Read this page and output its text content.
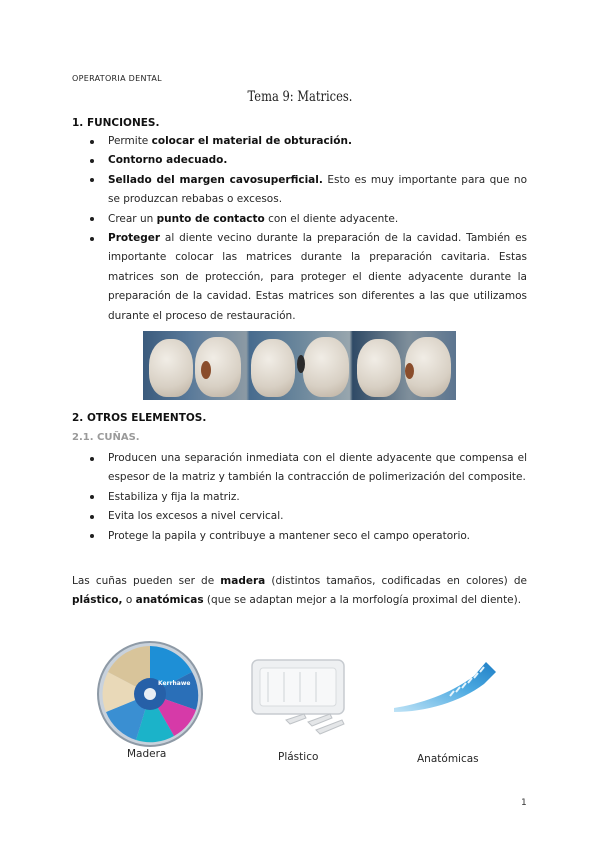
OPERATORIA DENTAL
Tema 9: Matrices.
1. FUNCIONES.
Permite colocar el material de obturación.
Contorno adecuado.
Sellado del margen cavosuperficial. Esto es muy importante para que no se produzcan rebabas o excesos.
Crear un punto de contacto con el diente adyacente.
Proteger al diente vecino durante la preparación de la cavidad. También es importante colocar las matrices durante la preparación cavitaria. Estas matrices son de protección, para proteger el diente adyacente durante la preparación de la cavidad. Estas matrices son diferentes a las que utilizamos durante el proceso de restauración.
2. OTROS ELEMENTOS.
2.1. CUÑAS.
Producen una separación inmediata con el diente adyacente que compensa el espesor de la matriz y también la contracción de polimerización del composite.
Estabiliza y fija la matriz.
Evita los excesos a nivel cervical.
Protege la papila y contribuye a mantener seco el campo operatorio.
Las cuñas pueden ser de madera (distintos tamaños, codificadas en colores) de plástico, o anatómicas (que se adaptan mejor a la morfología proximal del diente).
Kerrhawe
Madera	Plástico	Anatómicas
1
